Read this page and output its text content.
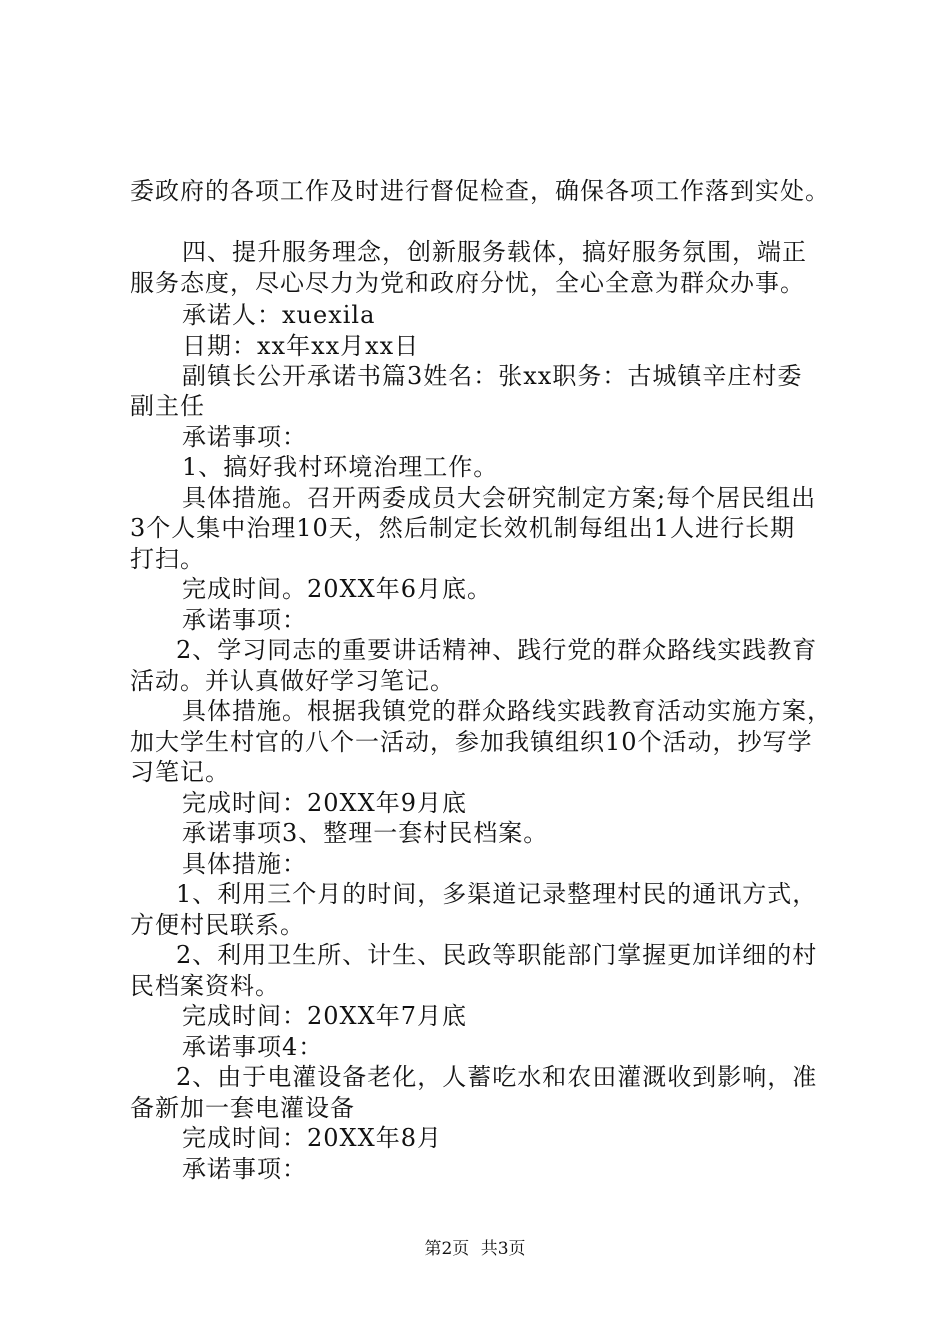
委政府的各项工作及时进行督促检查，确保各项工作落到实处。
四、提升服务理念，创新服务载体，搞好服务氛围，端正
服务态度，尽心尽力为党和政府分忧，全心全意为群众办事。
承诺人：xuexila
日期：xx年xx月xx日
副镇长公开承诺书篇3姓名：张xx职务：古城镇辛庄村委
副主任
承诺事项：
1、搞好我村环境治理工作。
具体措施。召开两委成员大会研究制定方案;每个居民组出
3个人集中治理10天，然后制定长效机制每组出1人进行长期
打扫。
完成时间。20XX年6月底。
承诺事项：
2、学习同志的重要讲话精神、践行党的群众路线实践教育
活动。并认真做好学习笔记。
具体措施。根据我镇党的群众路线实践教育活动实施方案，
加大学生村官的八个一活动，参加我镇组织10个活动，抄写学
习笔记。
完成时间：20XX年9月底
承诺事项3、整理一套村民档案。
具体措施：
1、利用三个月的时间，多渠道记录整理村民的通讯方式，
方便村民联系。
2、利用卫生所、计生、民政等职能部门掌握更加详细的村
民档案资料。
完成时间：20XX年7月底
承诺事项4：
2、由于电灌设备老化，人蓄吃水和农田灌溉收到影响，准
备新加一套电灌设备
完成时间：20XX年8月
承诺事项：
第2页 共3页
